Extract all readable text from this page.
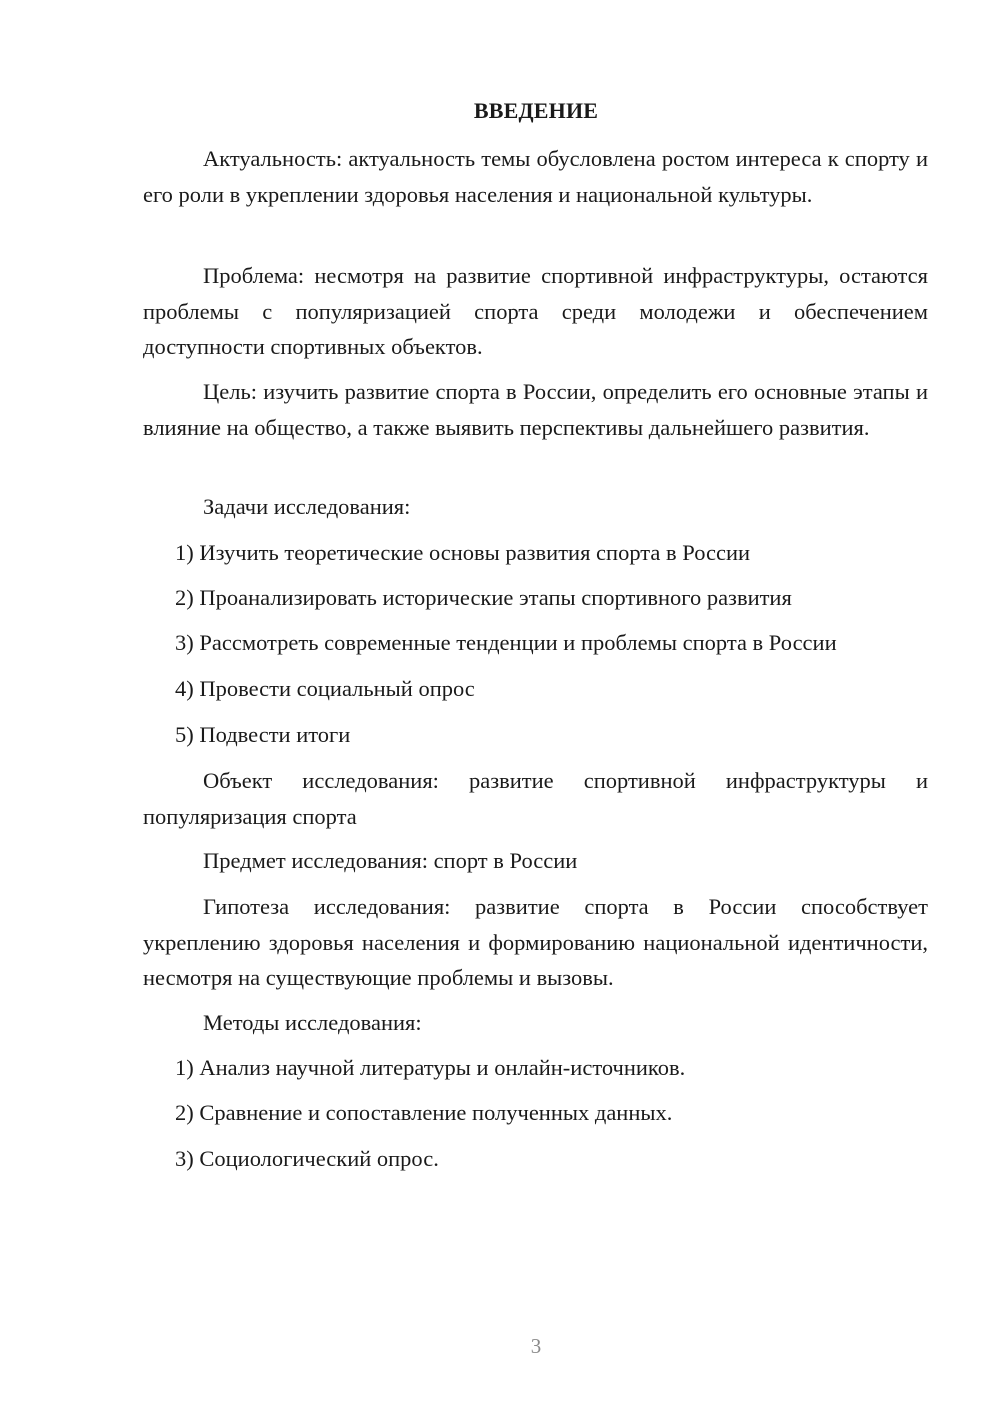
ВВЕДЕНИЕ

Актуальность: актуальность темы обусловлена ростом интереса к спорту и его роли в укреплении здоровья населения и национальной культуры.

Проблема: несмотря на развитие спортивной инфраструктуры, остаются проблемы с популяризацией спорта среди молодежи и обеспечением доступности спортивных объектов.

Цель: изучить развитие спорта в России, определить его основные этапы и влияние на общество, а также выявить перспективы дальнейшего развития.

Задачи исследования:

1) Изучить теоретические основы развития спорта в России

2) Проанализировать исторические этапы спортивного развития

3) Рассмотреть современные тенденции и проблемы спорта в России

4) Провести социальный опрос

5) Подвести итоги

Объект исследования: развитие спортивной инфраструктуры и популяризация спорта

Предмет исследования: спорт в России

Гипотеза исследования: развитие спорта в России способствует укреплению здоровья населения и формированию национальной идентичности, несмотря на существующие проблемы и вызовы.

Методы исследования:

1) Анализ научной литературы и онлайн-источников.

2) Сравнение и сопоставление полученных данных.

3) Социологический опрос.

3
